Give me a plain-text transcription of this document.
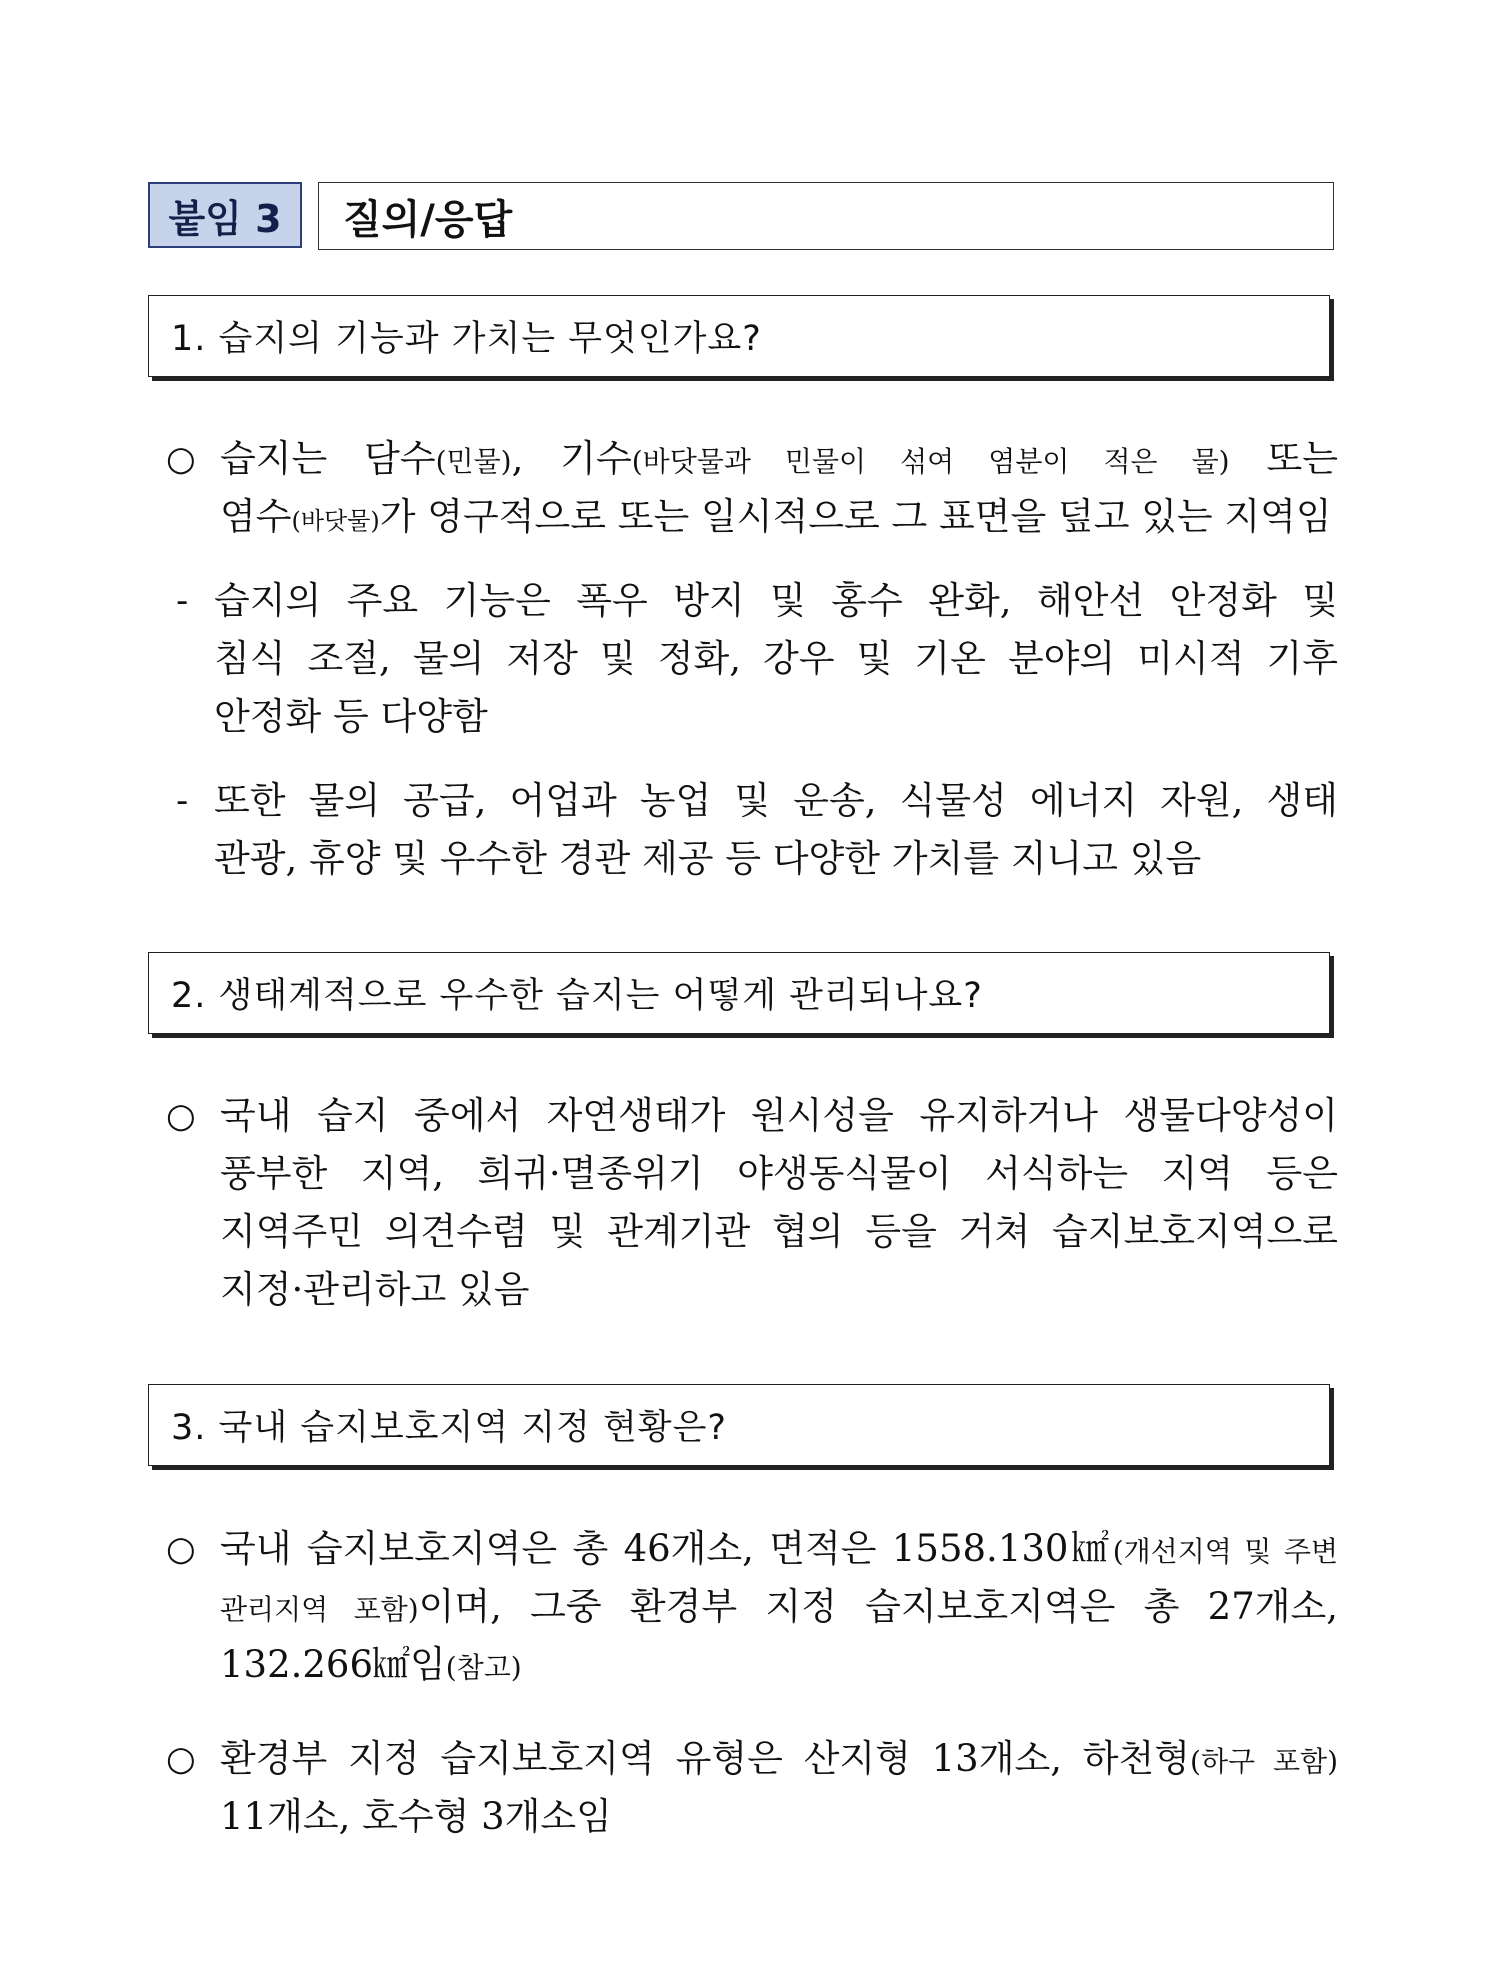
붙임 3	질의/응답
1. 습지의 기능과 가치는 무엇인가요?
○ 습지는 담수(민물), 기수(바닷물과 민물이 섞여 염분이 적은 물) 또는
염수(바닷물)가 영구적으로 또는 일시적으로 그 표면을 덮고 있는 지역임
- 습지의 주요 기능은 폭우 방지 및 홍수 완화, 해안선 안정화 및
침식 조절, 물의 저장 및 정화, 강우 및 기온 분야의 미시적 기후
안정화 등 다양함
- 또한 물의 공급, 어업과 농업 및 운송, 식물성 에너지 자원, 생태
관광, 휴양 및 우수한 경관 제공 등 다양한 가치를 지니고 있음
2. 생태계적으로 우수한 습지는 어떻게 관리되나요?
○ 국내 습지 중에서 자연생태가 원시성을 유지하거나 생물다양성이
풍부한 지역, 희귀·멸종위기 야생동식물이 서식하는 지역 등은
지역주민 의견수렴 및 관계기관 협의 등을 거쳐 습지보호지역으로
지정·관리하고 있음
3. 국내 습지보호지역 지정 현황은?
○ 국내 습지보호지역은 총 46개소, 면적은 1558.130㎢(개선지역 및 주변
관리지역 포함)이며, 그중 환경부 지정 습지보호지역은 총 27개소,
132.266㎢임(참고)
○ 환경부 지정 습지보호지역 유형은 산지형 13개소, 하천형(하구 포함)
11개소, 호수형 3개소임
